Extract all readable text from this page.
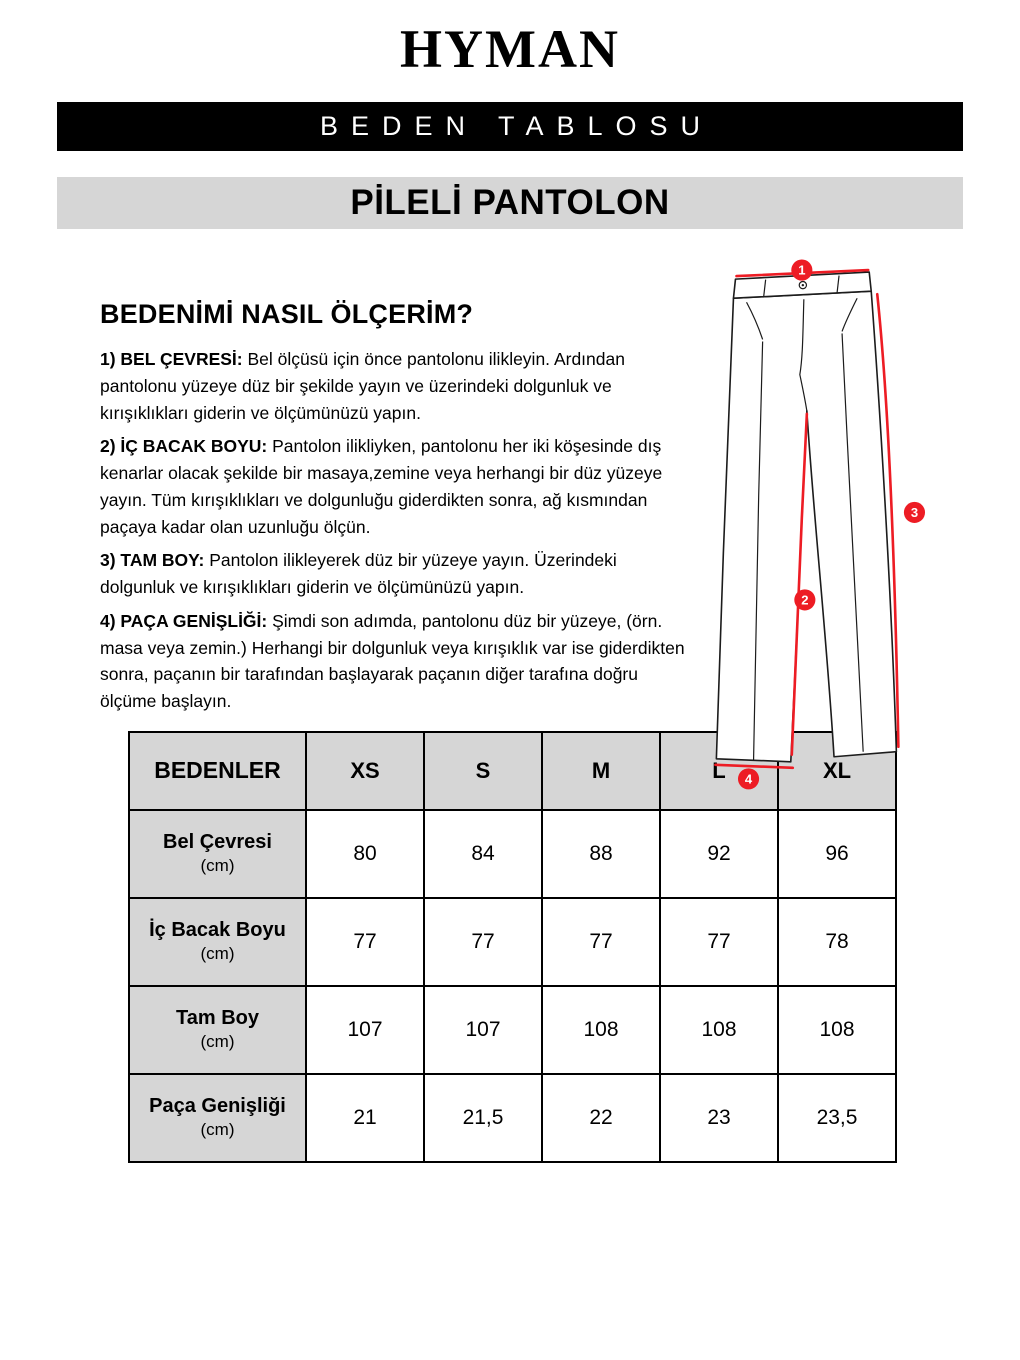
HYMAN
BEDEN TABLOSU
PİLELİ PANTOLON
BEDENİMİ NASIL ÖLÇERİM?

1) BEL ÇEVRESİ: Bel ölçüsü için önce pantolonu ilikleyin. Ardından pantolonu yüzeye düz bir şekilde yayın ve üzerindeki dolgunluk ve kırışıklıkları giderin ve ölçümünüzü yapın.

2) İÇ BACAK BOYU: Pantolon ilikliyken, pantolonu her iki köşesinde dış kenarlar olacak şekilde bir masaya,zemine veya herhangi bir düz yüzeye yayın. Tüm kırışıklıkları ve dolgunluğu giderdikten sonra, ağ kısmından paçaya kadar olan uzunluğu ölçün.

3) TAM BOY: Pantolon ilikleyerek düz bir yüzeye yayın. Üzerindeki dolgunluk ve kırışıklıkları giderin ve ölçümünüzü yapın.

4) PAÇA GENİŞLİĞİ: Şimdi son adımda, pantolonu düz bir yüzeye, (örn. masa veya zemin.) Herhangi bir dolgunluk veya kırışıklık var ise giderdikten sonra, paçanın bir tarafından başlayarak paçanın diğer tarafına doğru ölçüme başlayın.

1
2
3
4
BEDENLER	XS	S	M	L	XL

Bel Çevresi
(cm)	80	84	88	92	96

İç Bacak Boyu
(cm)	77	77	77	77	78

Tam Boy
(cm)	107	107	108	108	108

Paça Genişliği
(cm)	21	21,5	22	23	23,5
